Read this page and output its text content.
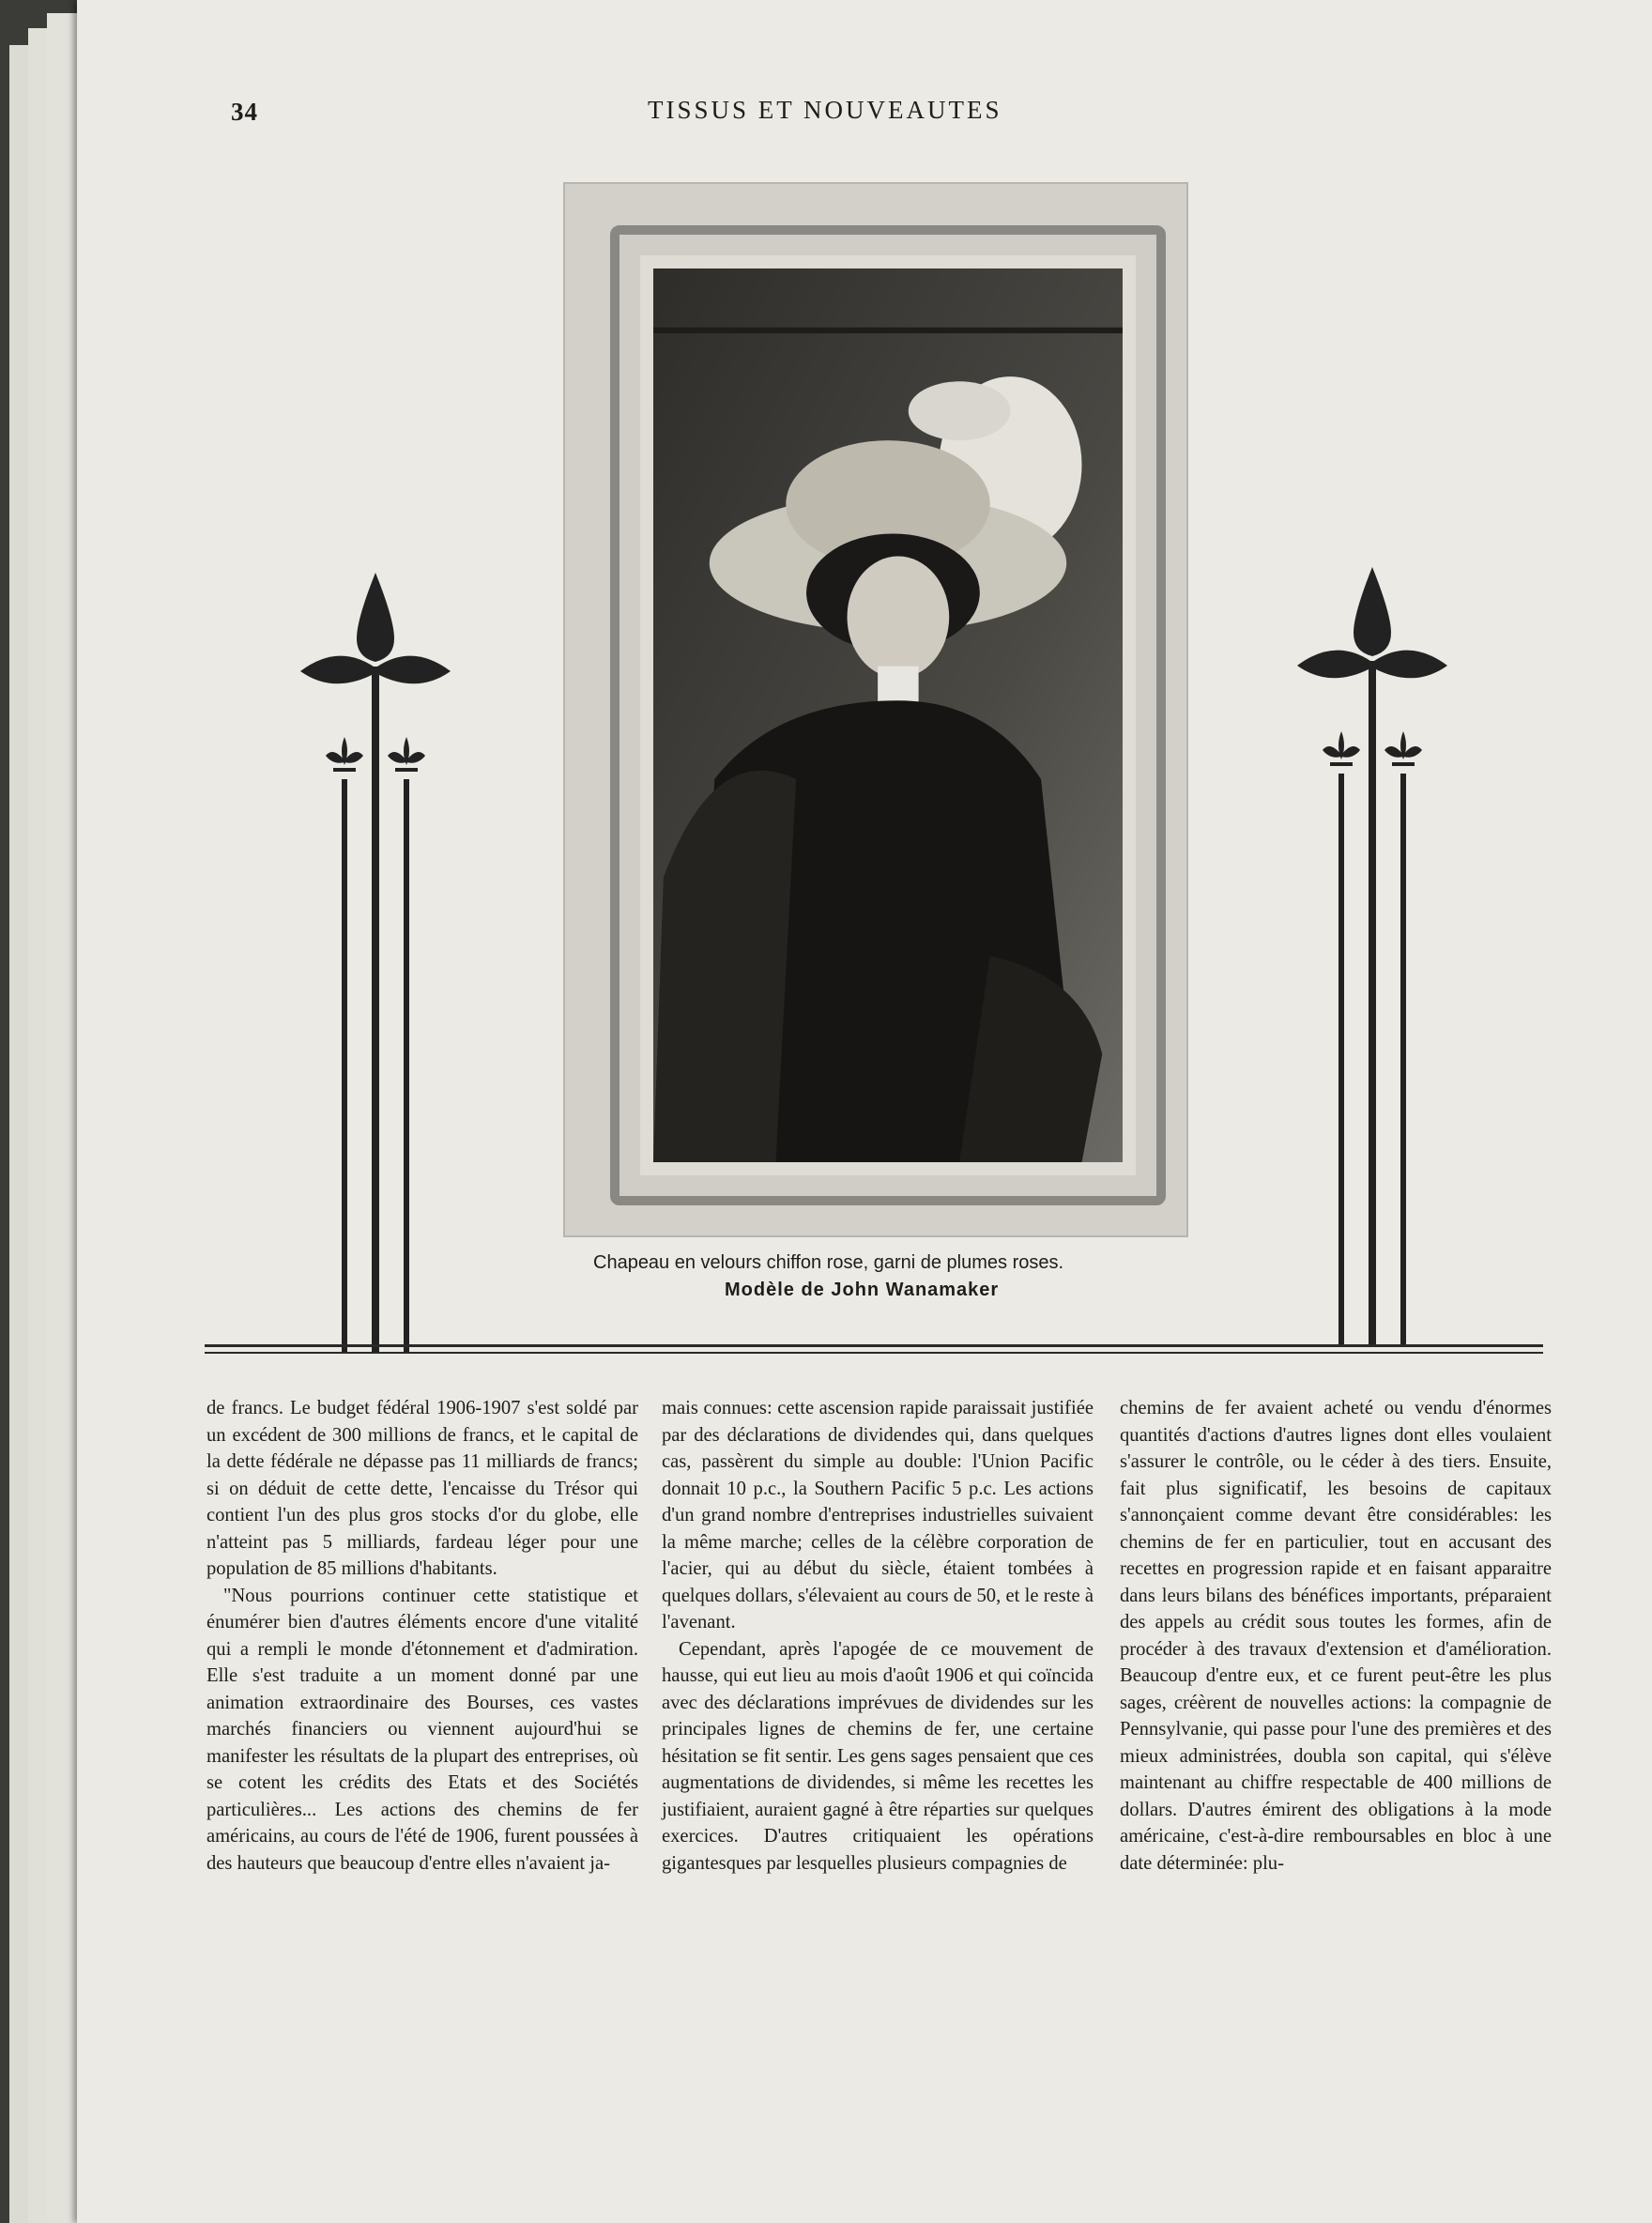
34	TISSUS ET NOUVEAUTES
Chapeau en velours chiffon rose, garni de plumes roses.
Modèle de John Wanamaker

de francs. Le budget fédéral 1906-1907 s'est soldé par un excédent de 300 millions de francs, et le capital de la dette fédérale ne dépasse pas 11 milliards de francs; si on déduit de cette dette, l'encaisse du Trésor qui contient l'un des plus gros stocks d'or du globe, elle n'atteint pas 5 milliards, fardeau léger pour une population de 85 millions d'habitants.

"Nous pourrions continuer cette statistique et énumérer bien d'autres éléments encore d'une vitalité qui a rempli le monde d'étonnement et d'admiration. Elle s'est traduite a un moment donné par une animation extraordinaire des Bourses, ces vastes marchés financiers ou viennent aujourd'hui se manifester les résultats de la plupart des entreprises, où se cotent les crédits des Etats et des Sociétés particulières... Les actions des chemins de fer américains, au cours de l'été de 1906, furent poussées à des hauteurs que beaucoup d'entre elles n'avaient ja-

mais connues: cette ascension rapide paraissait justifiée par des déclarations de dividendes qui, dans quelques cas, passèrent du simple au double: l'Union Pacific donnait 10 p.c., la Southern Pacific 5 p.c. Les actions d'un grand nombre d'entreprises industrielles suivaient la même marche; celles de la célèbre corporation de l'acier, qui au début du siècle, étaient tombées à quelques dollars, s'élevaient au cours de 50, et le reste à l'avenant.

Cependant, après l'apogée de ce mouvement de hausse, qui eut lieu au mois d'août 1906 et qui coïncida avec des déclarations imprévues de dividendes sur les principales lignes de chemins de fer, une certaine hésitation se fit sentir. Les gens sages pensaient que ces augmentations de dividendes, si même les recettes les justifiaient, auraient gagné à être réparties sur quelques exercices. D'autres critiquaient les opérations gigantesques par lesquelles plusieurs compagnies de

chemins de fer avaient acheté ou vendu d'énormes quantités d'actions d'autres lignes dont elles voulaient s'assurer le contrôle, ou le céder à des tiers. Ensuite, fait plus significatif, les besoins de capitaux s'annonçaient comme devant être considérables: les chemins de fer en particulier, tout en accusant des recettes en progression rapide et en faisant apparaitre dans leurs bilans des bénéfices importants, préparaient des appels au crédit sous toutes les formes, afin de procéder à des travaux d'extension et d'amélioration. Beaucoup d'entre eux, et ce furent peut-être les plus sages, créèrent de nouvelles actions: la compagnie de Pennsylvanie, qui passe pour l'une des premières et des mieux administrées, doubla son capital, qui s'élève maintenant au chiffre respectable de 400 millions de dollars. D'autres émirent des obligations à la mode américaine, c'est-à-dire remboursables en bloc à une date déterminée: plu-
